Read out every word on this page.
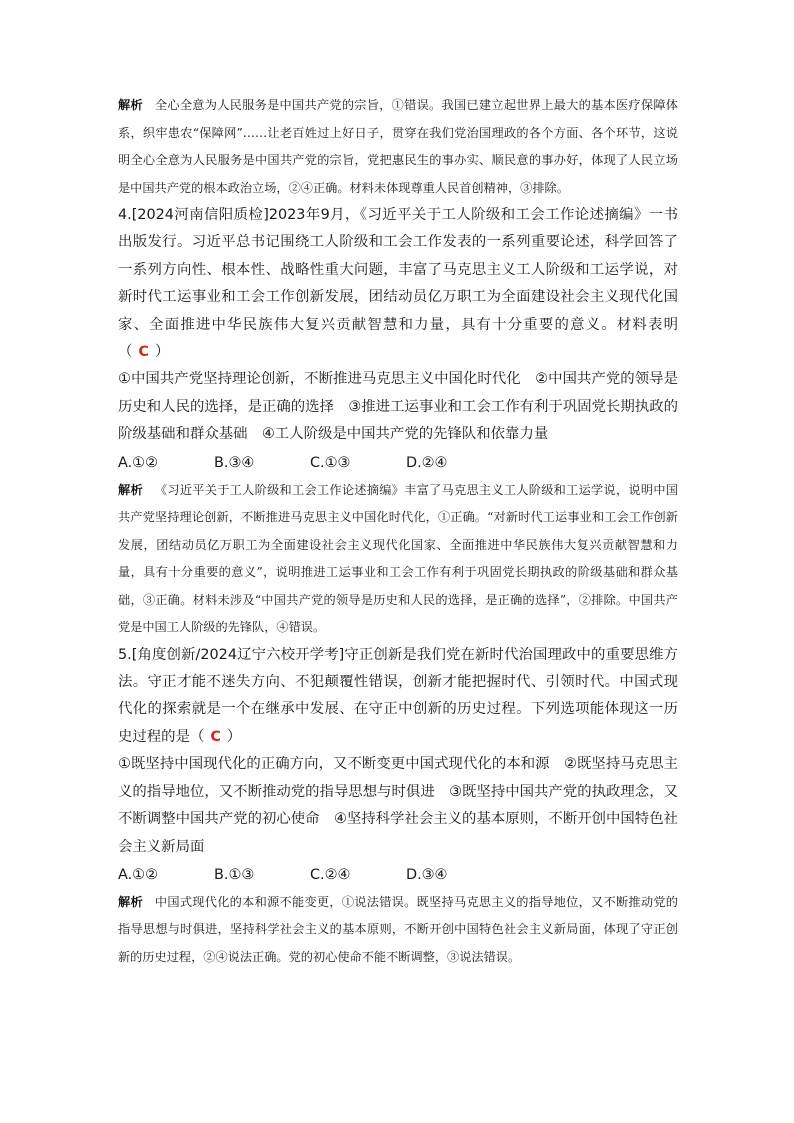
解析 全心全意为人民服务是中国共产党的宗旨，①错误。我国已建立起世界上最大的基本医疗保障体系，织牢患农“保障网”……让老百姓过上好日子，贯穿在我们党治国理政的各个方面、各个环节，这说明全心全意为人民服务是中国共产党的宗旨，党把惠民生的事办实、顺民意的事办好，体现了人民立场是中国共产党的根本政治立场，②④正确。材料未体现尊重人民首创精神，③排除。

4.[2024河南信阳质检]2023年9月，《习近平关于工人阶级和工会工作论述摘编》一书出版发行。习近平总书记围绕工人阶级和工会工作发表的一系列重要论述，科学回答了一系列方向性、根本性、战略性重大问题，丰富了马克思主义工人阶级和工运学说，对新时代工运事业和工会工作创新发展，团结动员亿万职工为全面建设社会主义现代化国家、全面推进中华民族伟大复兴贡献智慧和力量，具有十分重要的意义。材料表明（ C ）

①中国共产党坚持理论创新，不断推进马克思主义中国化时代化　②中国共产党的领导是历史和人民的选择，是正确的选择　③推进工运事业和工会工作有利于巩固党长期执政的阶级基础和群众基础　④工人阶级是中国共产党的先锋队和依靠力量

A.①②	B.③④	C.①③	D.②④

解析 《习近平关于工人阶级和工会工作论述摘编》丰富了马克思主义工人阶级和工运学说，说明中国共产党坚持理论创新，不断推进马克思主义中国化时代化，①正确。“对新时代工运事业和工会工作创新发展，团结动员亿万职工为全面建设社会主义现代化国家、全面推进中华民族伟大复兴贡献智慧和力量，具有十分重要的意义”，说明推进工运事业和工会工作有利于巩固党长期执政的阶级基础和群众基础，③正确。材料未涉及“中国共产党的领导是历史和人民的选择，是正确的选择”，②排除。中国共产党是中国工人阶级的先锋队，④错误。

5.[角度创新/2024辽宁六校开学考]守正创新是我们党在新时代治国理政中的重要思维方法。守正才能不迷失方向、不犯颠覆性错误，创新才能把握时代、引领时代。中国式现代化的探索就是一个在继承中发展、在守正中创新的历史过程。下列选项能体现这一历史过程的是（ C ）

①既坚持中国现代化的正确方向，又不断变更中国式现代化的本和源　②既坚持马克思主义的指导地位，又不断推动党的指导思想与时俱进　③既坚持中国共产党的执政理念，又不断调整中国共产党的初心使命　④坚持科学社会主义的基本原则，不断开创中国特色社会主义新局面

A.①②	B.①③	C.②④	D.③④

解析 中国式现代化的本和源不能变更，①说法错误。既坚持马克思主义的指导地位，又不断推动党的指导思想与时俱进，坚持科学社会主义的基本原则，不断开创中国特色社会主义新局面，体现了守正创新的历史过程，②④说法正确。党的初心使命不能不断调整，③说法错误。
